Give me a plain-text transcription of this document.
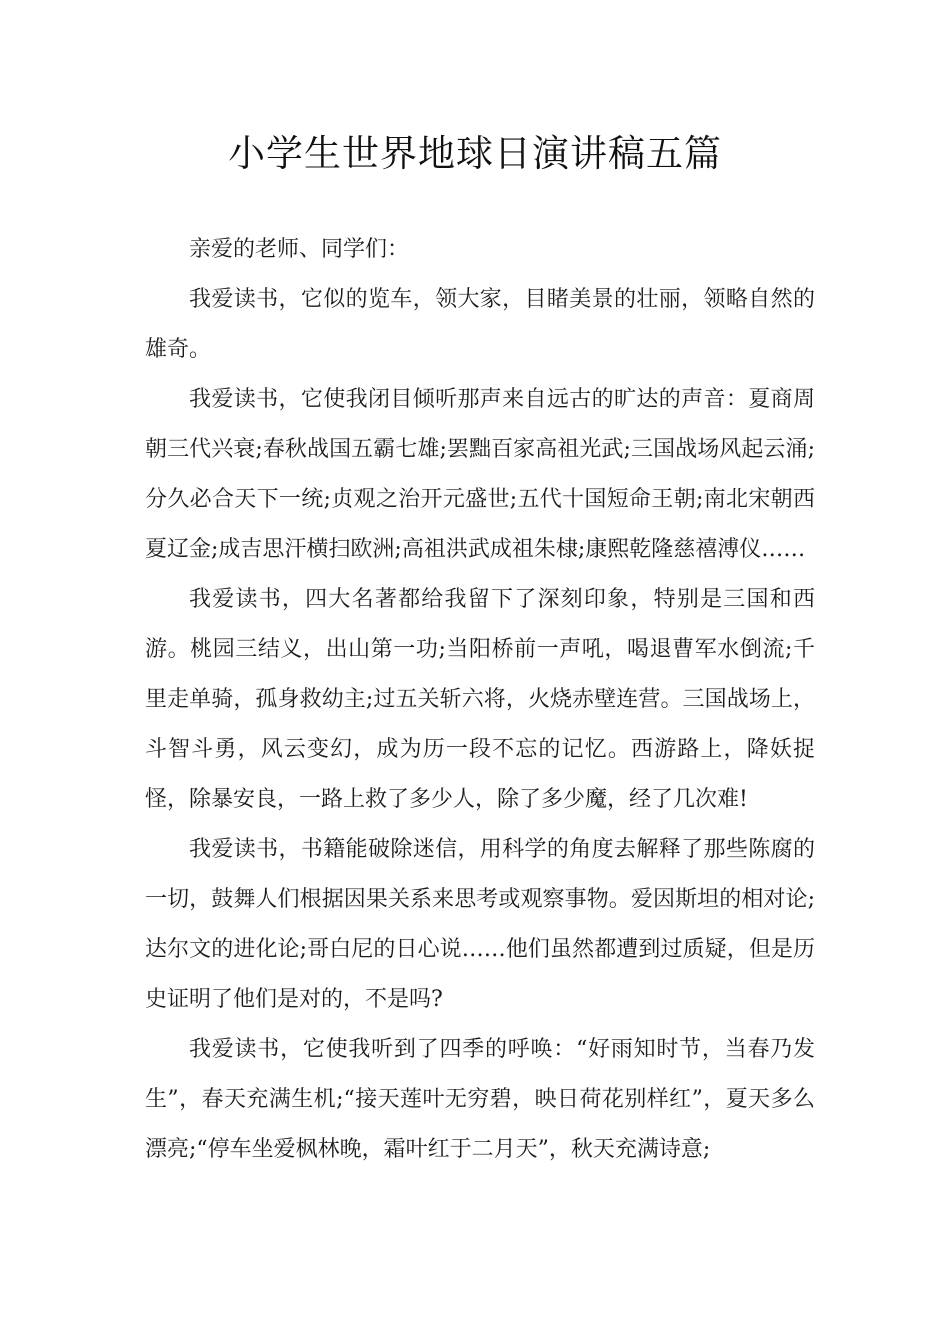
小学生世界地球日演讲稿五篇

亲爱的老师、同学们：

我爱读书，它似的览车，领大家，目睹美景的壮丽，领略自然的雄奇。

我爱读书，它使我闭目倾听那声来自远古的旷达的声音：夏商周朝三代兴衰;春秋战国五霸七雄;罢黜百家高祖光武;三国战场风起云涌;分久必合天下一统;贞观之治开元盛世;五代十国短命王朝;南北宋朝西夏辽金;成吉思汗横扫欧洲;高祖洪武成祖朱棣;康熙乾隆慈禧溥仪……

我爱读书，四大名著都给我留下了深刻印象，特别是三国和西游。桃园三结义，出山第一功;当阳桥前一声吼，喝退曹军水倒流;千里走单骑，孤身救幼主;过五关斩六将，火烧赤壁连营。三国战场上，斗智斗勇，风云变幻，成为历一段不忘的记忆。西游路上，降妖捉怪，除暴安良，一路上救了多少人，除了多少魔，经了几次难!

我爱读书，书籍能破除迷信，用科学的角度去解释了那些陈腐的一切，鼓舞人们根据因果关系来思考或观察事物。爱因斯坦的相对论;达尔文的进化论;哥白尼的日心说……他们虽然都遭到过质疑，但是历史证明了他们是对的，不是吗?

我爱读书，它使我听到了四季的呼唤：“好雨知时节，当春乃发生”，春天充满生机;“接天莲叶无穷碧，映日荷花别样红”，夏天多么漂亮;“停车坐爱枫林晚，霜叶红于二月天”，秋天充满诗意;
